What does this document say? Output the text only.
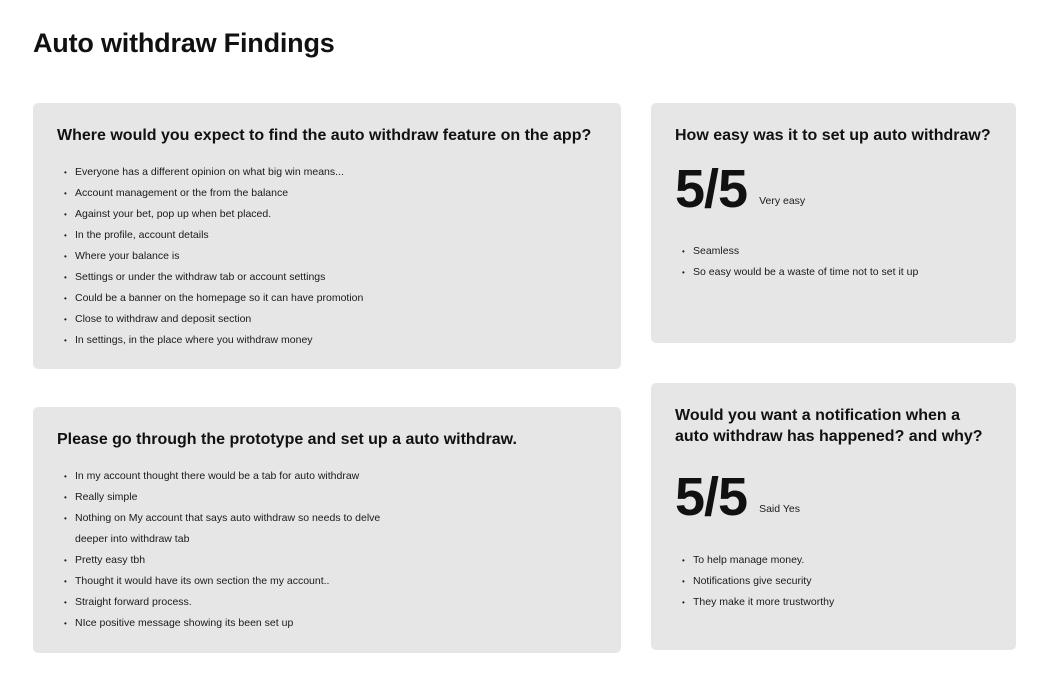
Auto withdraw Findings
Where would you expect to find the auto withdraw feature on the app?
• Everyone has a different opinion on what big win means...
• Account management or the from the balance
• Against your bet, pop up when bet placed.
• In the profile, account details
• Where your balance is
• Settings or under the withdraw tab or account settings
• Could be a banner on the homepage so it can have promotion
• Close to withdraw and deposit section
• In settings, in the place where you withdraw money
Please go through the prototype and set up a auto withdraw.
• In my account thought there would be a tab for auto withdraw
• Really simple
• Nothing on My account that says auto withdraw so needs to delve
deeper into withdraw tab
• Pretty easy tbh
• Thought it would have its own section the my account..
• Straight forward process.
• NIce positive message showing its been set up
How easy was it to set up auto withdraw?
5/5 Very easy
• Seamless
• So easy would be a waste of time not to set it up
Would you want a notification when a auto withdraw has happened? and why?
5/5 Said Yes
• To help manage money.
• Notifications give security
• They make it more trustworthy
